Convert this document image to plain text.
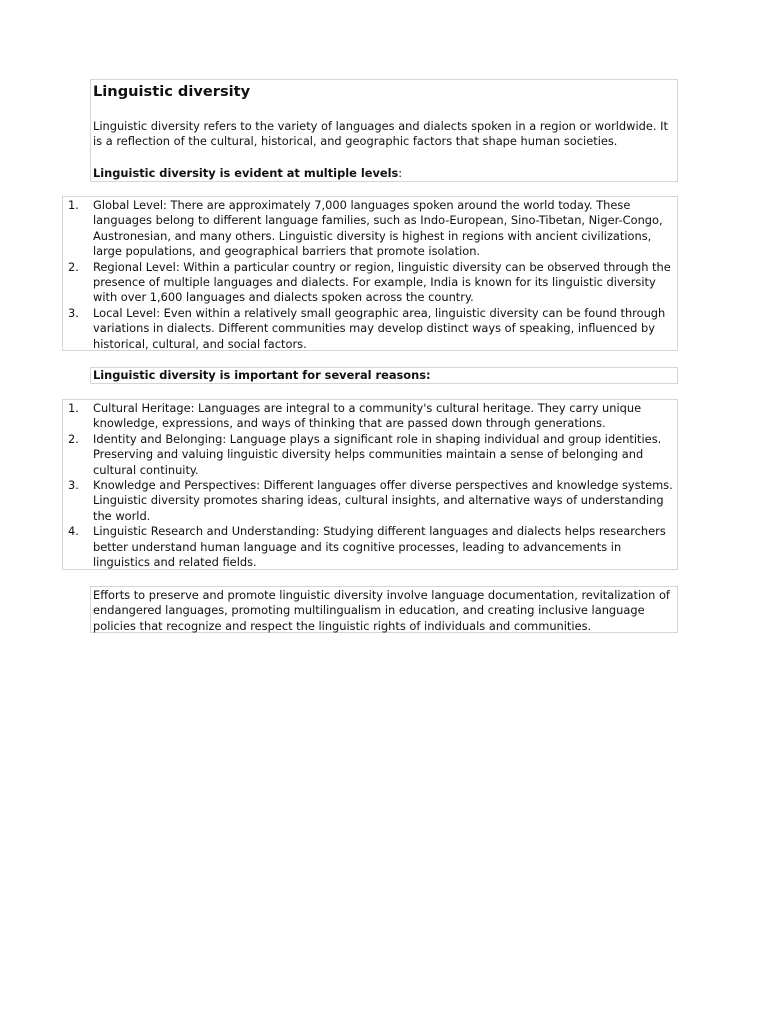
Linguistic diversity

Linguistic diversity refers to the variety of languages and dialects spoken in a region or worldwide. It is a reflection of the cultural, historical, and geographic factors that shape human societies.

Linguistic diversity is evident at multiple levels:

1. Global Level: There are approximately 7,000 languages spoken around the world today. These languages belong to different language families, such as Indo-European, Sino-Tibetan, Niger-Congo, Austronesian, and many others. Linguistic diversity is highest in regions with ancient civilizations, large populations, and geographical barriers that promote isolation.
2. Regional Level: Within a particular country or region, linguistic diversity can be observed through the presence of multiple languages and dialects. For example, India is known for its linguistic diversity with over 1,600 languages and dialects spoken across the country.
3. Local Level: Even within a relatively small geographic area, linguistic diversity can be found through variations in dialects. Different communities may develop distinct ways of speaking, influenced by historical, cultural, and social factors.
Linguistic diversity is important for several reasons:
1. Cultural Heritage: Languages are integral to a community's cultural heritage. They carry unique knowledge, expressions, and ways of thinking that are passed down through generations.
2. Identity and Belonging: Language plays a significant role in shaping individual and group identities. Preserving and valuing linguistic diversity helps communities maintain a sense of belonging and cultural continuity.
3. Knowledge and Perspectives: Different languages offer diverse perspectives and knowledge systems. Linguistic diversity promotes sharing ideas, cultural insights, and alternative ways of understanding the world.
4. Linguistic Research and Understanding: Studying different languages and dialects helps researchers better understand human language and its cognitive processes, leading to advancements in linguistics and related fields.
Efforts to preserve and promote linguistic diversity involve language documentation, revitalization of endangered languages, promoting multilingualism in education, and creating inclusive language policies that recognize and respect the linguistic rights of individuals and communities.
